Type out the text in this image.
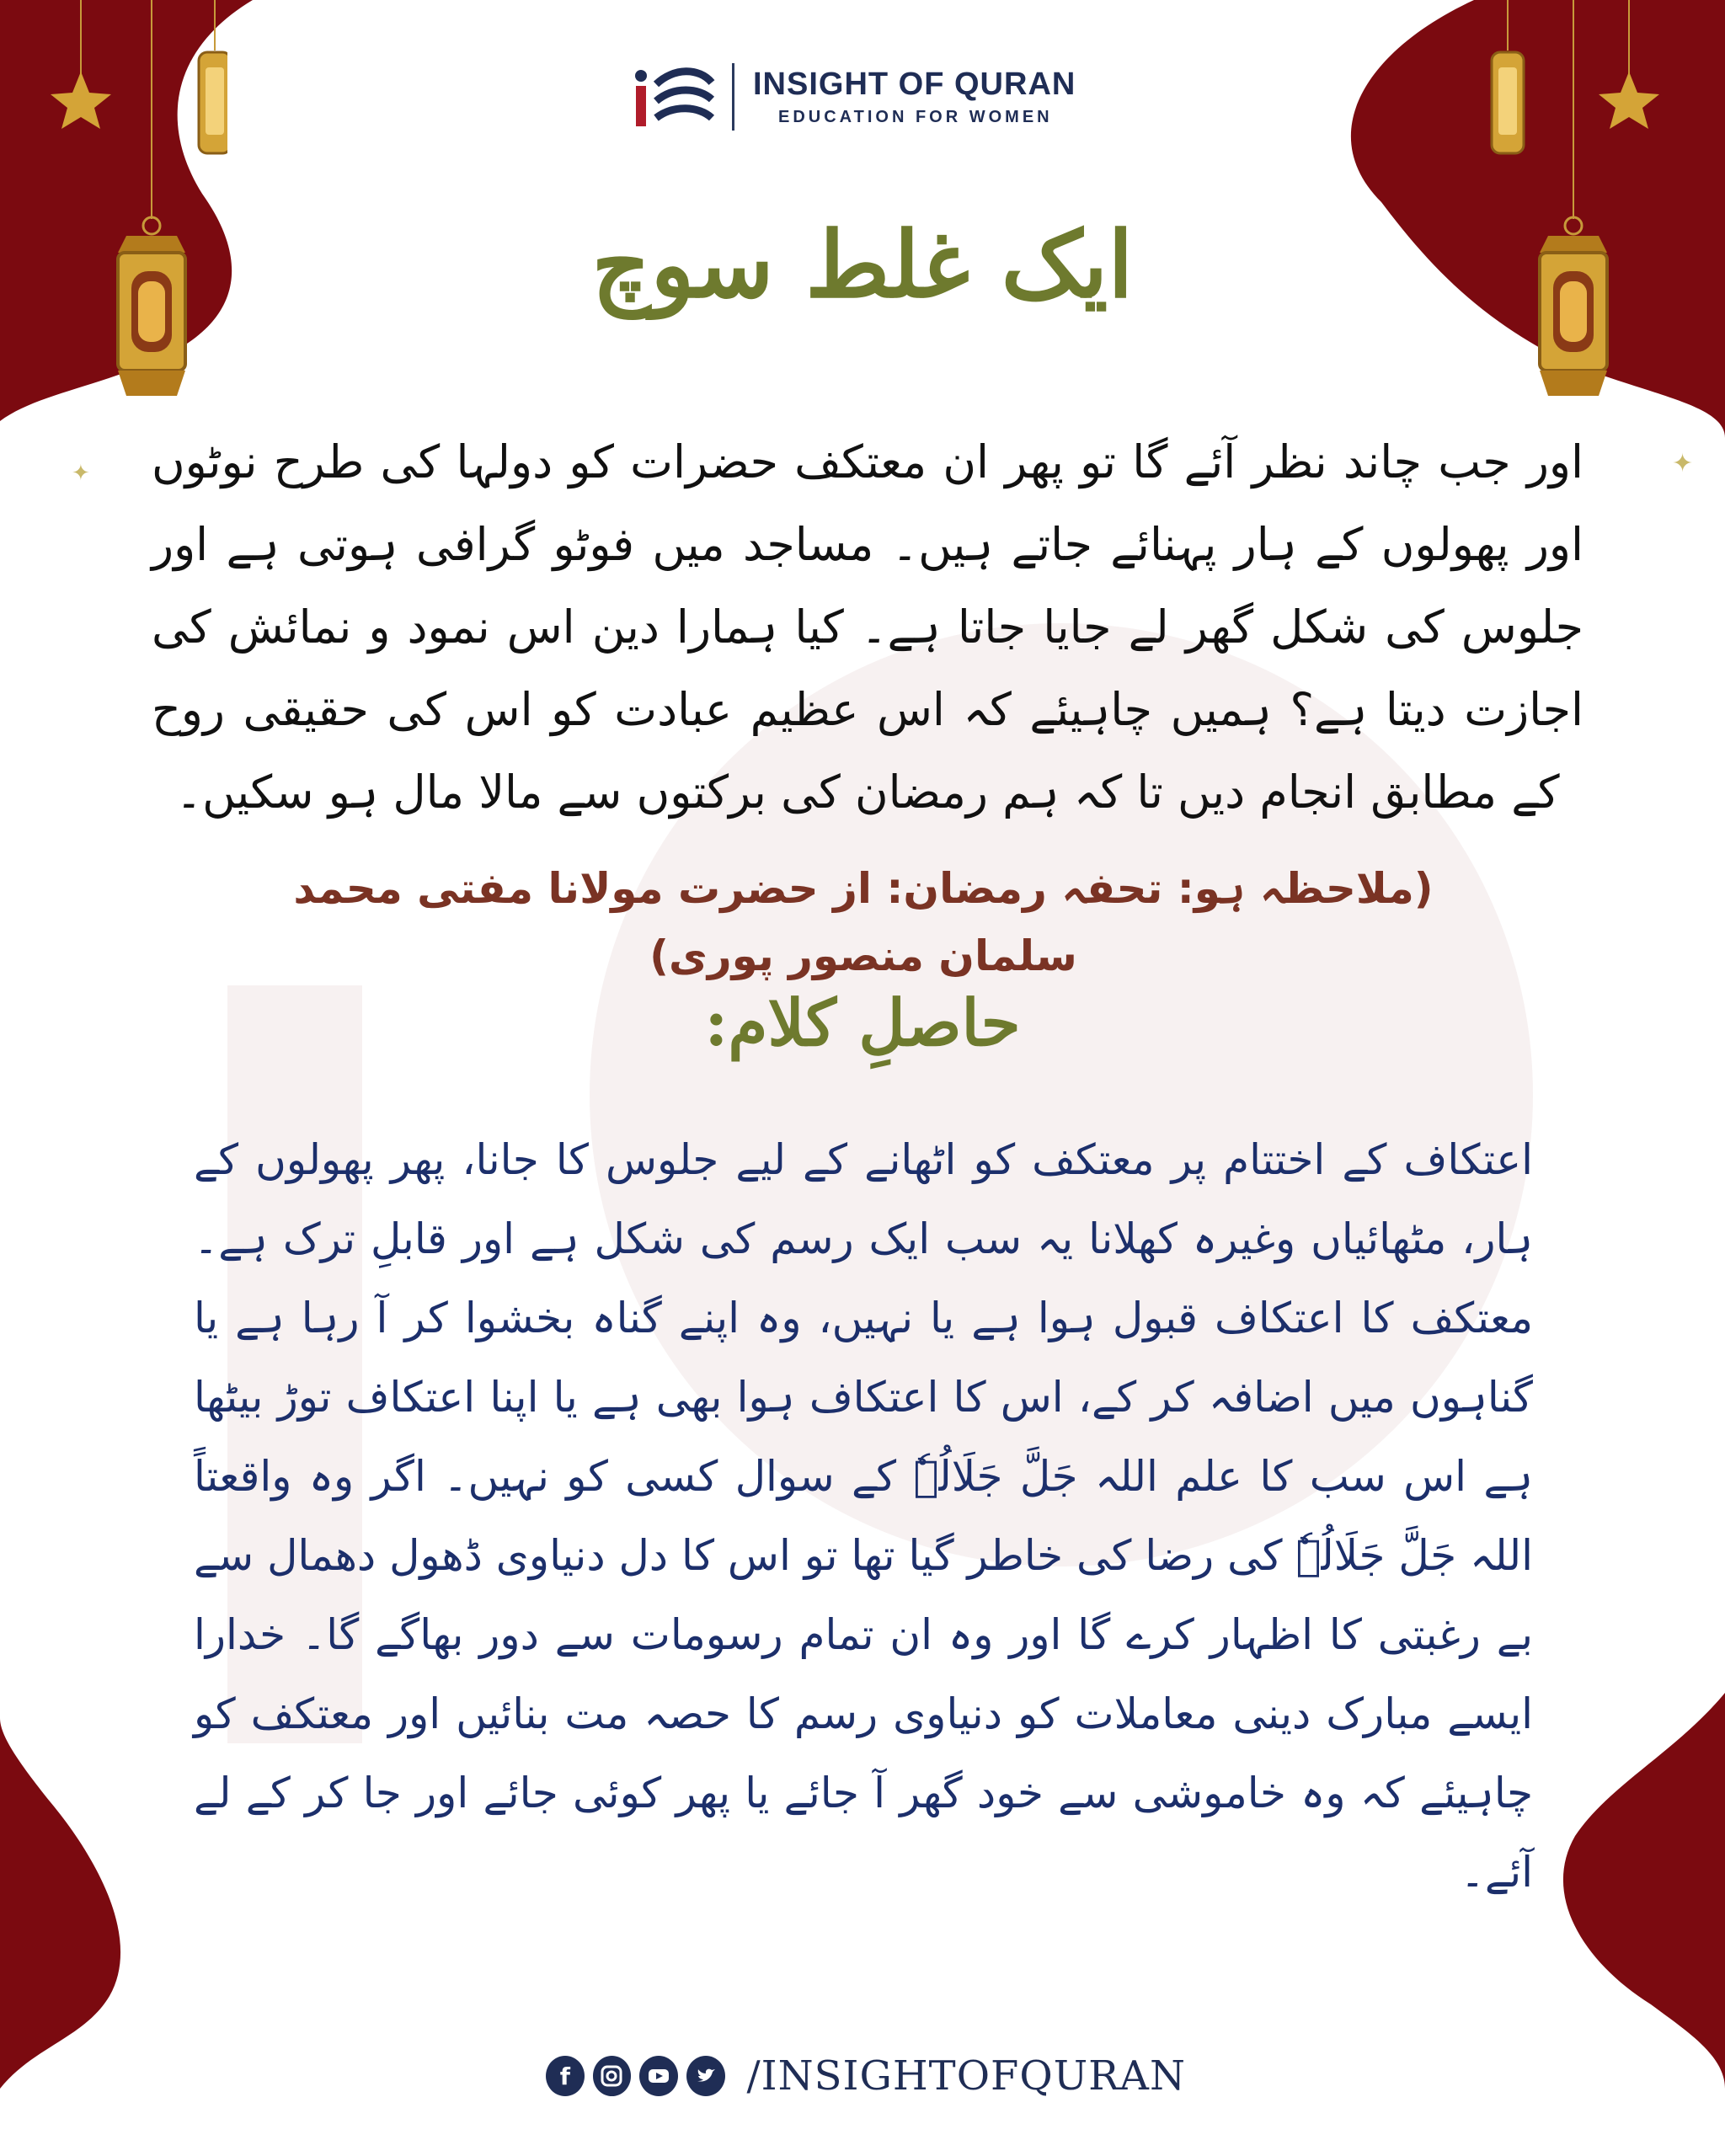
✦
✦
INSIGHT OF QURAN
EDUCATION FOR WOMEN
ایک غلط سوچ
اور جب چاند نظر آئے گا تو پھر ان معتکف حضرات کو دولہا کی طرح نوٹوں اور پھولوں کے ہار پہنائے جاتے ہیں۔ مساجد میں فوٹو گرافی ہوتی ہے اور جلوس کی شکل گھر لے جایا جاتا ہے۔ کیا ہمارا دین اس نمود و نمائش کی اجازت دیتا ہے؟ ہمیں چاہیئے کہ اس عظیم عبادت کو اس کی حقیقی روح کے مطابق انجام دیں تا کہ ہم رمضان کی برکتوں سے مالا مال ہو سکیں۔
(ملاحظہ ہو: تحفہ رمضان: از حضرت مولانا مفتی محمد سلمان منصور پوری)
حاصلِ کلام:
اعتکاف کے اختتام پر معتکف کو اٹھانے کے لیے جلوس کا جانا، پھر پھولوں کے ہار، مٹھائیاں وغیرہ کھلانا یہ سب ایک رسم کی شکل ہے اور قابلِ ترک ہے۔ معتکف کا اعتکاف قبول ہوا ہے یا نہیں، وہ اپنے گناہ بخشوا کر آ رہا ہے یا گناہوں میں اضافہ کر کے، اس کا اعتکاف ہوا بھی ہے یا اپنا اعتکاف توڑ بیٹھا ہے اس سب کا علم اللہ جَلَّ جَلَالُہٗ کے سوال کسی کو نہیں۔ اگر وہ واقعتاً اللہ جَلَّ جَلَالُہٗ کی رضا کی خاطر گیا تھا تو اس کا دل دنیاوی ڈھول دھمال سے بے رغبتی کا اظہار کرے گا اور وہ ان تمام رسومات سے دور بھاگے گا۔ خدارا ایسے مبارک دینی معاملات کو دنیاوی رسم کا حصہ مت بنائیں اور معتکف کو چاہیئے کہ وہ خاموشی سے خود گھر آ جائے یا پھر کوئی جائے اور جا کر کے لے آئے۔
f	/INSIGHTOFQURAN
3
